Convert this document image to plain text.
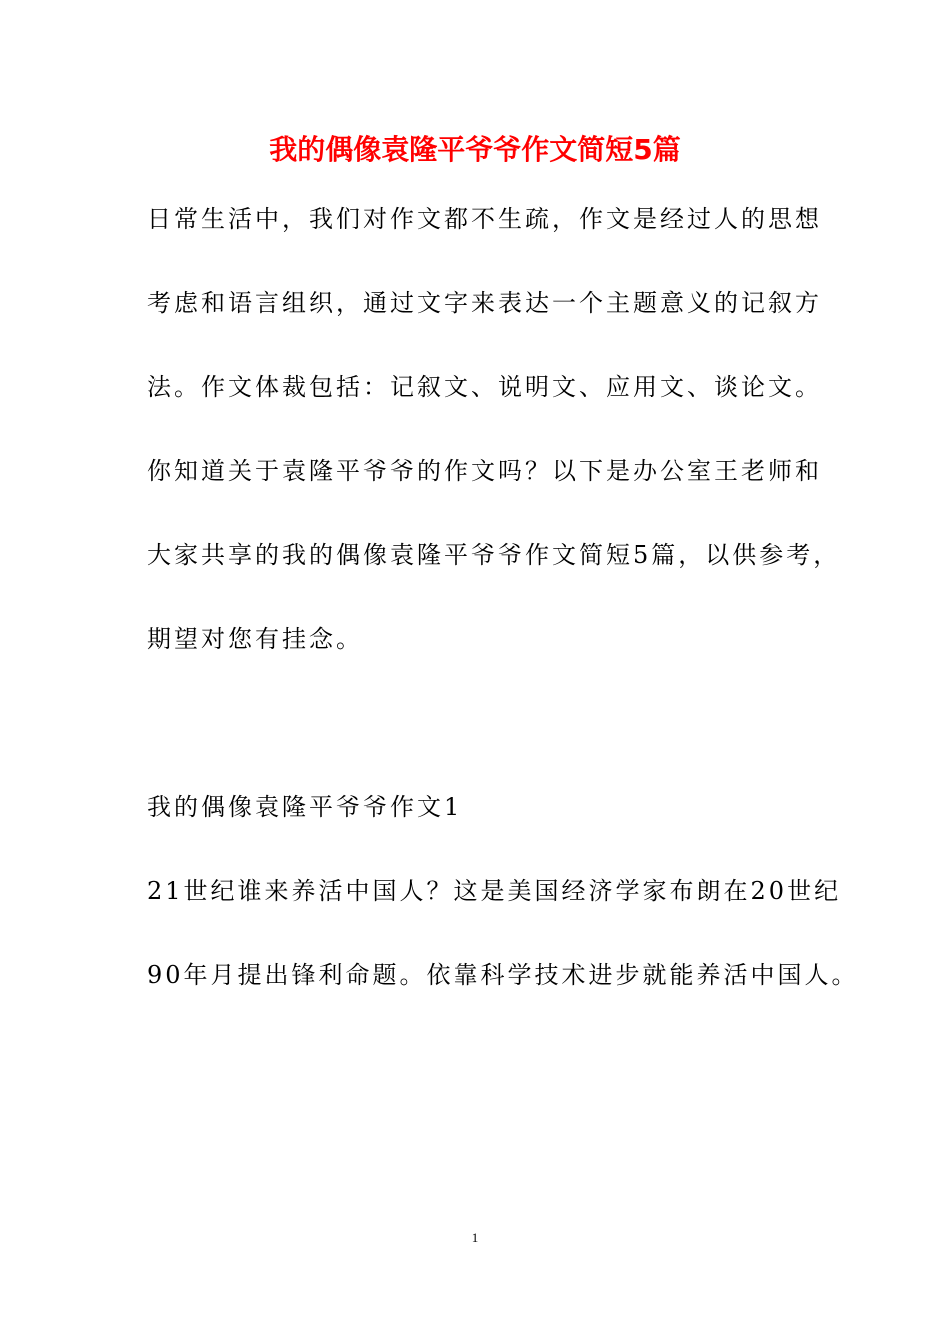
我的偶像袁隆平爷爷作文简短5篇
日常生活中，我们对作文都不生疏，作文是经过人的思想
考虑和语言组织，通过文字来表达一个主题意义的记叙方
法。作文体裁包括：记叙文、说明文、应用文、谈论文。
你知道关于袁隆平爷爷的作文吗？以下是办公室王老师和
大家共享的我的偶像袁隆平爷爷作文简短5篇，以供参考，
期望对您有挂念。
我的偶像袁隆平爷爷作文1
21世纪谁来养活中国人？这是美国经济学家布朗在20世纪
90年月提出锋利命题。依靠科学技术进步就能养活中国人。
1
